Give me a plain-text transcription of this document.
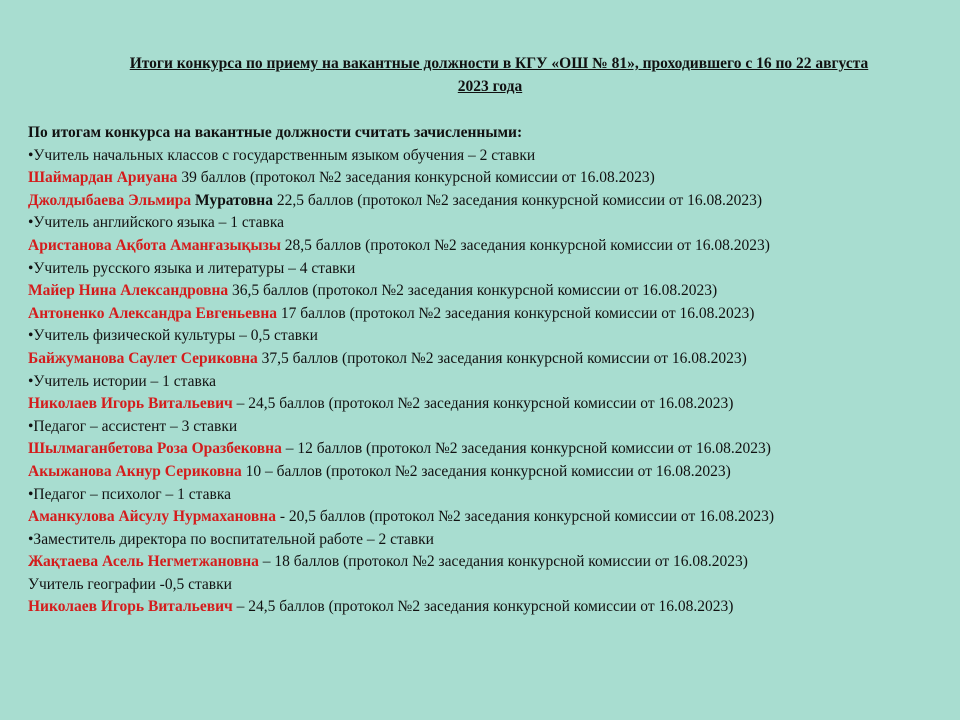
Итоги конкурса по приему на вакантные должности в КГУ «ОШ № 81», проходившего с 16 по 22 августа
2023 года
По итогам конкурса на вакантные должности считать зачисленными:
•Учитель начальных классов с государственным языком обучения – 2 ставки
Шаймардан Ариуана 39 баллов (протокол №2 заседания конкурсной комиссии от 16.08.2023)
Джолдыбаева Эльмира Муратовна 22,5 баллов (протокол №2 заседания конкурсной комиссии от 16.08.2023)
•Учитель английского языка – 1 ставка
Аристанова Ақбота Аманғазықызы 28,5 баллов (протокол №2 заседания конкурсной комиссии от 16.08.2023)
•Учитель русского языка и литературы – 4 ставки
Майер Нина Александровна 36,5 баллов (протокол №2 заседания конкурсной комиссии от 16.08.2023)
Антоненко Александра Евгеньевна 17 баллов (протокол №2 заседания конкурсной комиссии от 16.08.2023)
•Учитель физической культуры – 0,5 ставки
Байжуманова Саулет Сериковна 37,5 баллов (протокол №2 заседания конкурсной комиссии от 16.08.2023)
•Учитель истории – 1 ставка
Николаев Игорь Витальевич – 24,5 баллов (протокол №2 заседания конкурсной комиссии от 16.08.2023)
•Педагог – ассистент – 3 ставки
Шылмаганбетова Роза Оразбековна – 12 баллов (протокол №2 заседания конкурсной комиссии от 16.08.2023)
Акыжанова Акнур Сериковна 10 – баллов (протокол №2 заседания конкурсной комиссии от 16.08.2023)
•Педагог – психолог – 1 ставка
Аманкулова Айсулу Нурмахановна - 20,5 баллов (протокол №2 заседания конкурсной комиссии от 16.08.2023)
•Заместитель директора по воспитательной работе – 2 ставки
Жақтаева Асель Негметжановна – 18 баллов (протокол №2 заседания конкурсной комиссии от 16.08.2023)
Учитель географии -0,5 ставки
Николаев Игорь Витальевич – 24,5 баллов (протокол №2 заседания конкурсной комиссии от 16.08.2023)
